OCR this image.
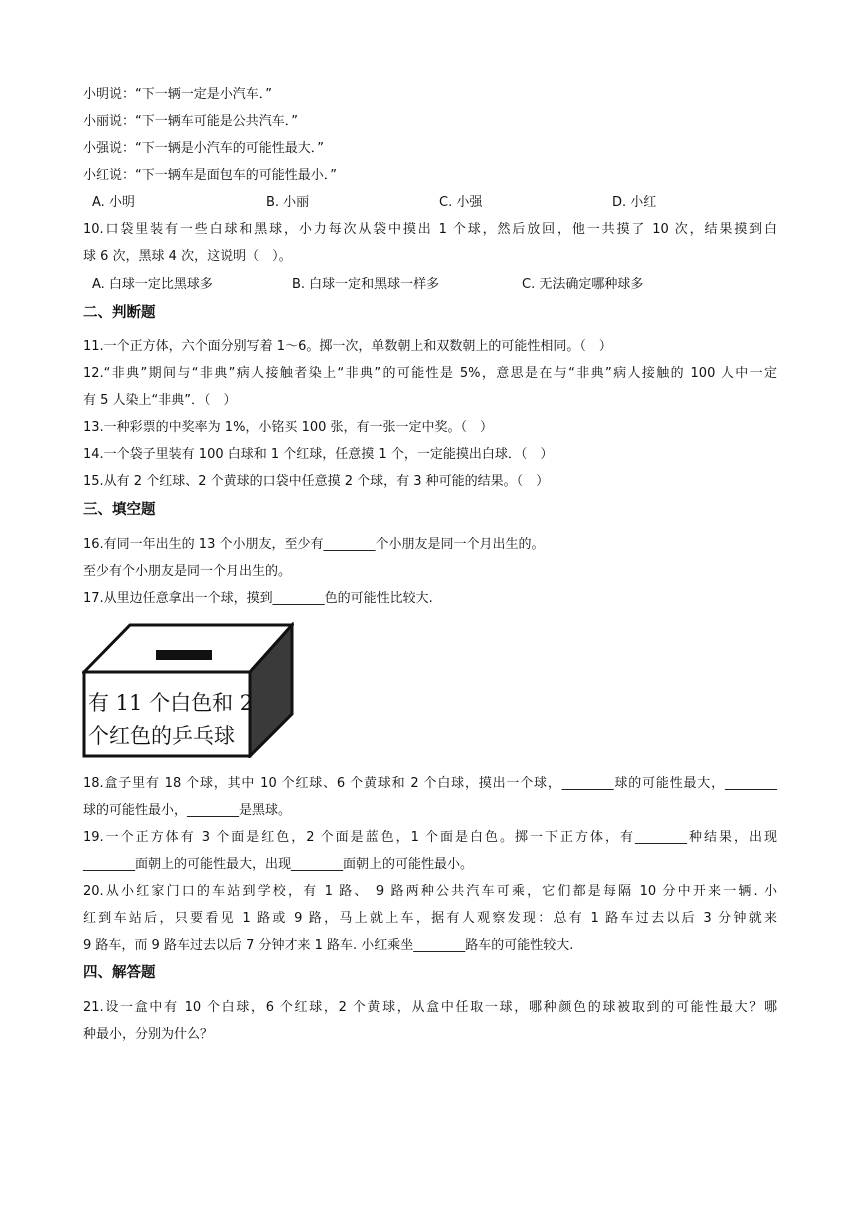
小明说：“下一辆一定是小汽车．”
小丽说：“下一辆车可能是公共汽车．”
小强说：“下一辆是小汽车的可能性最大．”
小红说：“下一辆车是面包车的可能性最小．”
A. 小明	B. 小丽	C. 小强	D. 小红
10.口袋里装有一些白球和黑球，小力每次从袋中摸出 1 个球，然后放回，他一共摸了 10 次，结果摸到白
球 6 次，黑球 4 次，这说明（　）。
A. 白球一定比黑球多	B. 白球一定和黑球一样多	C. 无法确定哪种球多
二、判断题
11.一个正方体，六个面分别写着 1～6。掷一次，单数朝上和双数朝上的可能性相同。（　）
12.“非典”期间与“非典”病人接触者染上“非典”的可能性是 5%，意思是在与“非典”病人接触的 100 人中一定
有 5 人染上“非典”．（　）
13.一种彩票的中奖率为 1%，小铭买 100 张，有一张一定中奖。（　）
14.一个袋子里装有 100 白球和 1 个红球，任意摸 1 个，一定能摸出白球．（　）
15.从有 2 个红球、2 个黄球的口袋中任意摸 2 个球，有 3 种可能的结果。（　）
三、填空题
16.有同一年出生的 13 个小朋友，至少有________个小朋友是同一个月出生的。
至少有个小朋友是同一个月出生的。
17.从里边任意拿出一个球，摸到________色的可能性比较大.
有 11 个白色和 2
个红色的乒乓球
18.盒子里有 18 个球，其中 10 个红球、6 个黄球和 2 个白球，摸出一个球，________球的可能性最大，________
球的可能性最小，________是黑球。
19.一个正方体有 3 个面是红色，2 个面是蓝色，1 个面是白色。掷一下正方体，有________种结果，出现
________面朝上的可能性最大，出现________面朝上的可能性最小。
20.从小红家门口的车站到学校，有 1 路、 9 路两种公共汽车可乘，它们都是每隔 10 分中开来一辆. 小
红到车站后，只要看见 1 路或 9 路，马上就上车，据有人观察发现：总有 1 路车过去以后 3 分钟就来
9 路车，而 9 路车过去以后 7 分钟才来 1 路车. 小红乘坐________路车的可能性较大.
四、解答题
21.设一盒中有 10 个白球，6 个红球，2 个黄球，从盒中任取一球，哪种颜色的球被取到的可能性最大？哪
种最小，分别为什么？
